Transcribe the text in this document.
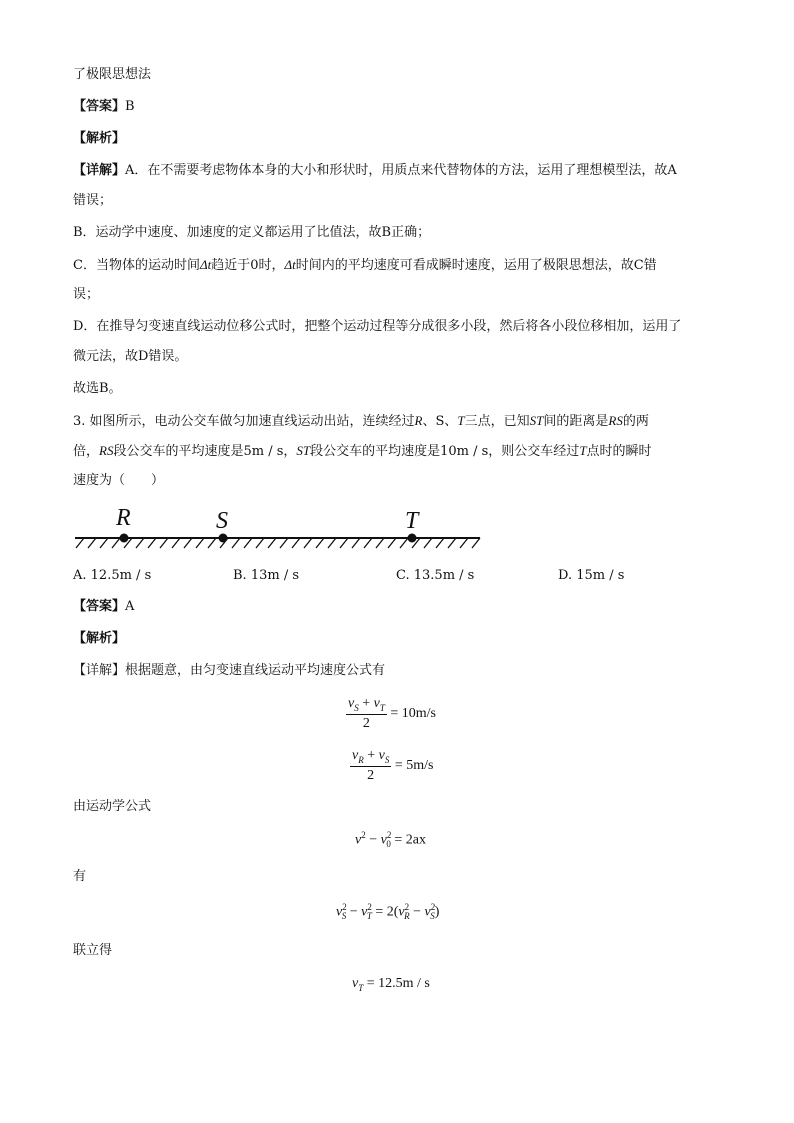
了极限思想法
【答案】B
【解析】
【详解】A．在不需要考虑物体本身的大小和形状时，用质点来代替物体的方法，运用了理想模型法，故A
错误；
B．运动学中速度、加速度的定义都运用了比值法，故B正确；
C．当物体的运动时间Δt趋近于0时，Δt时间内的平均速度可看成瞬时速度，运用了极限思想法，故C错
误；
D．在推导匀变速直线运动位移公式时，把整个运动过程等分成很多小段，然后将各小段位移相加，运用了
微元法，故D错误。
故选B。
3. 如图所示，电动公交车做匀加速直线运动出站，连续经过R、S、T三点，已知ST间的距离是RS的两
倍，RS段公交车的平均速度是5m / s，ST段公交车的平均速度是10m / s，则公交车经过T点时的瞬时
速度为（　　）
R	S	T
A. 12.5m / s	B. 13m / s	C. 13.5m / s	D. 15m / s
【答案】A
【解析】
【详解】根据题意，由匀变速直线运动平均速度公式有
$\frac{v_S + v_T}{2} = 10m/s$
$\frac{v_R + v_S}{2} = 5m/s$
由运动学公式
$v^2 - v^2_0 = 2ax$
有
$v^2_S - v^2_T = 2(v^2_R - v^2_S)$
联立得
$v_T = 12.5m / s$
